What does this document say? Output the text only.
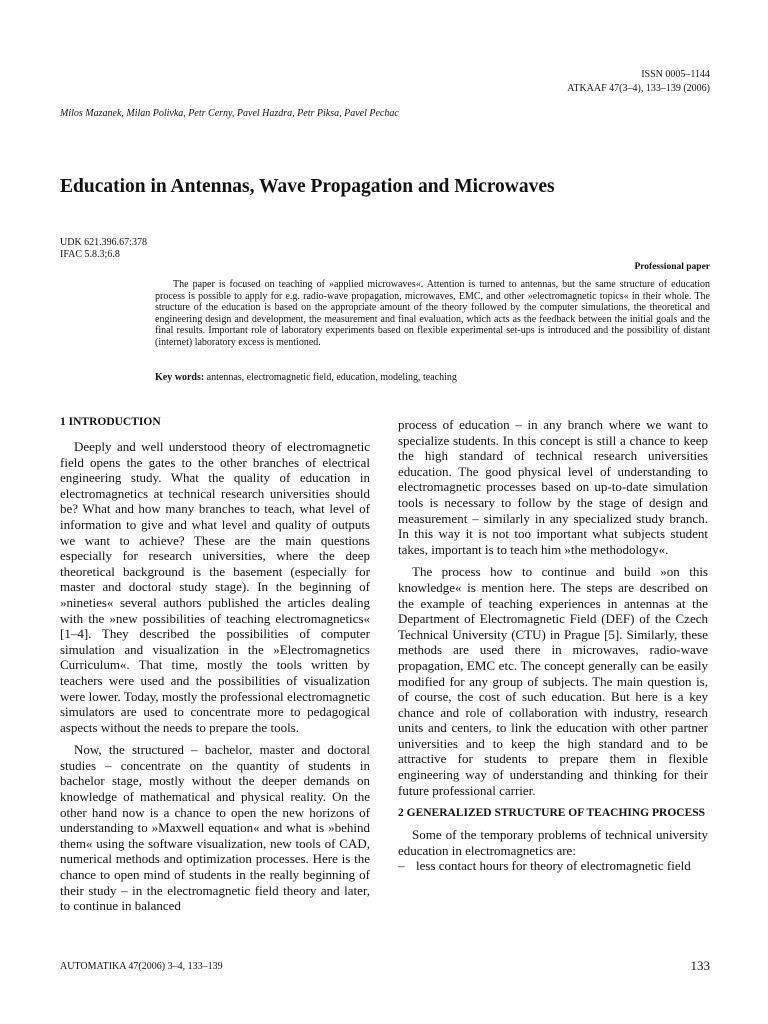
ISSN 0005–1144
ATKAAF 47(3–4), 133–139 (2006)
Milos Mazanek, Milan Polivka, Petr Cerny, Pavel Hazdra, Petr Piksa, Pavel Pechac
Education in Antennas, Wave Propagation and Microwaves
UDK 621.396.67:378
IFAC 5.8.3;6.8
Professional paper

The paper is focused on teaching of »applied microwaves«. Attention is turned to antennas, but the same structure of education process is possible to apply for e.g. radio-wave propagation, microwaves, EMC, and other »electromagnetic topics« in their whole. The structure of the education is based on the appropriate amount of the theory followed by the computer simulations, the theoretical and engineering design and development, the measurement and final evaluation, which acts as the feedback between the initial goals and the final results. Important role of laboratory experiments based on flexible experimental set-ups is introduced and the possibility of distant (internet) laboratory excess is mentioned.

Key words: antennas, electromagnetic field, education, modeling, teaching
1 INTRODUCTION

Deeply and well understood theory of electromagnetic field opens the gates to the other branches of electrical engineering study. What the quality of education in electromagnetics at technical research universities should be? What and how many branches to teach, what level of information to give and what level and quality of outputs we want to achieve? These are the main questions especially for research universities, where the deep theoretical background is the basement (especially for master and doctoral study stage). In the beginning of »nineties« several authors published the articles dealing with the »new possibilities of teaching electromagnetics« [1–4]. They described the possibilities of computer simulation and visualization in the »Electromagnetics Curriculum«. That time, mostly the tools written by teachers were used and the possibilities of visualization were lower. Today, mostly the professional electromagnetic simulators are used to concentrate more to pedagogical aspects without the needs to prepare the tools.

Now, the structured – bachelor, master and doctoral studies – concentrate on the quantity of students in bachelor stage, mostly without the deeper demands on knowledge of mathematical and physical reality. On the other hand now is a chance to open the new horizons of understanding to »Maxwell equation« and what is »behind them« using the software visualization, new tools of CAD, numerical methods and optimization processes. Here is the chance to open mind of students in the really beginning of their study – in the electromagnetic field theory and later, to continue in balanced

process of education – in any branch where we want to specialize students. In this concept is still a chance to keep the high standard of technical research universities education. The good physical level of understanding to electromagnetic processes based on up-to-date simulation tools is necessary to follow by the stage of design and measurement – similarly in any specialized study branch. In this way it is not too important what subjects student takes, important is to teach him »the methodology«.

The process how to continue and build »on this knowledge« is mention here. The steps are described on the example of teaching experiences in antennas at the Department of Electromagnetic Field (DEF) of the Czech Technical University (CTU) in Prague [5]. Similarly, these methods are used there in microwaves, radio-wave propagation, EMC etc. The concept generally can be easily modified for any group of subjects. The main question is, of course, the cost of such education. But here is a key chance and role of collaboration with industry, research units and centers, to link the education with other partner universities and to keep the high standard and to be attractive for students to prepare them in flexible engineering way of understanding and thinking for their future professional carrier.

2 GENERALIZED STRUCTURE OF TEACHING PROCESS

Some of the temporary problems of technical university education in electromagnetics are:

– less contact hours for theory of electromagnetic field
AUTOMATIKA 47(2006) 3–4, 133–139	133
